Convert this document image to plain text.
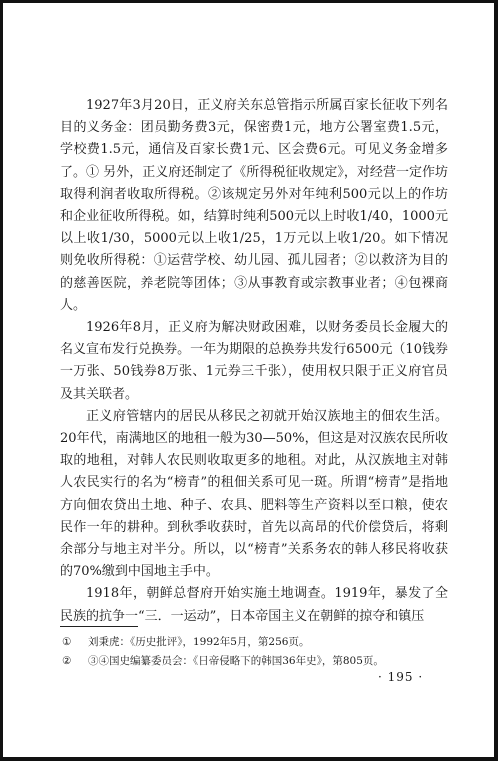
1927年3月20日，正义府关东总管指示所属百家长征收下列名目的义务金：团员勤务费3元，保密费1元，地方公署室费1.5元，学校费1.5元，通信及百家长费1元、区会费6元。可见义务金增多了。① 另外，正义府还制定了《所得税征收规定》，对经营一定作坊取得利润者收取所得税。②该规定另外对年纯利500元以上的作坊和企业征收所得税。如，结算时纯利500元以上时收1/40，1000元以上收1/30，5000元以上收1/25，1万元以上收1/20。如下情况则免收所得税：①运营学校、幼儿园、孤儿园者；②以救济为目的的慈善医院，养老院等团体；③从事教育或宗教事业者；④包裸商人。

1926年8月，正义府为解决财政困难，以财务委员长金履大的名义宣布发行兑换券。一年为期限的总换券共发行6500元（10钱券一万张、50钱券8万张、1元券三千张），使用权只限于正义府官员及其关联者。

正义府管辖内的居民从移民之初就开始汉族地主的佃农生活。20年代，南满地区的地租一般为30—50%，但这是对汉族农民所收取的地租，对韩人农民则收取更多的地租。对此，从汉族地主对韩人农民实行的名为“榜青”的租佃关系可见一斑。所谓“榜青”是指地方向佃农贷出土地、种子、农具、肥料等生产资料以至口粮，使农民作一年的耕种。到秋季收获时，首先以高昂的代价偿贷后，将剩余部分与地主对半分。所以，以“榜青”关系务农的韩人移民将收获的70%缴到中国地主手中。

1918年，朝鲜总督府开始实施土地调查。1919年，暴发了全民族的抗争一“三．一运动”，日本帝国主义在朝鲜的掠夺和镇压

① 刘秉虎：《历史批评》，1992年5月，第256页。

② ③④国史编纂委员会：《日帝侵略下的韩国36年史》，第805页。

· 195 ·
